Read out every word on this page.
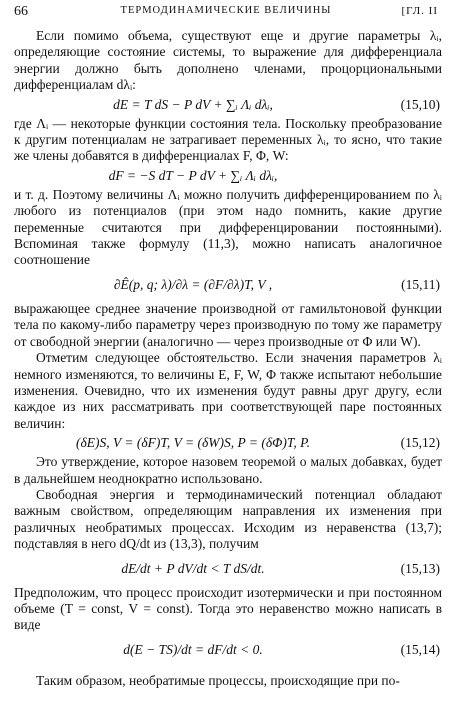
66	ТЕРМОДИНАМИЧЕСКИЕ ВЕЛИЧИНЫ	[ГЛ. II

Если помимо объема, существуют еще и другие параметры λᵢ, определяющие состояние системы, то выражение для дифференциала энергии должно быть дополнено членами, процорциональными дифференциалам dλᵢ:

dE = T dS − P dV + ∑ᵢ Λᵢ dλᵢ,	(15,10)

где Λᵢ — некоторые функции состояния тела. Поскольку преобразование к другим потенциалам не затрагивает переменных λᵢ, то ясно, что такие же члены добавятся в дифференциалах F, Φ, W:

dF = −S dT − P dV + ∑ᵢ Λᵢ dλᵢ,

и т. д. Поэтому величины Λᵢ можно получить дифференцированием по λᵢ любого из потенциалов (при этом надо помнить, какие другие переменные считаются при дифференцировании постоянными). Вспоминая также формулу (11,3), можно написать аналогичное соотношение

∂Ê(p, q; λ)/∂λ = (∂F/∂λ)T, V ,	(15,11)

выражающее среднее значение производной от гамильтоновой функции тела по какому-либо параметру через производную по тому же параметру от свободной энергии (аналогично — через производные от Φ или W).

Отметим следующее обстоятельство. Если значения параметров λᵢ немного изменяются, то величины E, F, W, Φ также испытают небольшие изменения. Очевидно, что их изменения будут равны друг другу, если каждое из них рассматривать при соответствующей паре постоянных величин:

(δE)S, V = (δF)T, V = (δW)S, P = (δΦ)T, P.	(15,12)

Это утверждение, которое назовем теоремой о малых добавках, будет в дальнейшем неоднократно использовано.

Свободная энергия и термодинамический потенциал обладают важным свойством, определяющим направления их изменения при различных необратимых процессах. Исходим из неравенства (13,7); подставляя в него dQ/dt из (13,3), получим

dE/dt + P dV/dt < T dS/dt.	(15,13)

Предположим, что процесс происходит изотермически и при постоянном объеме (T = const, V = const). Тогда это неравенство можно написать в виде

d(E − TS)/dt = dF/dt < 0.	(15,14)

Таким образом, необратимые процессы, происходящие при по-
